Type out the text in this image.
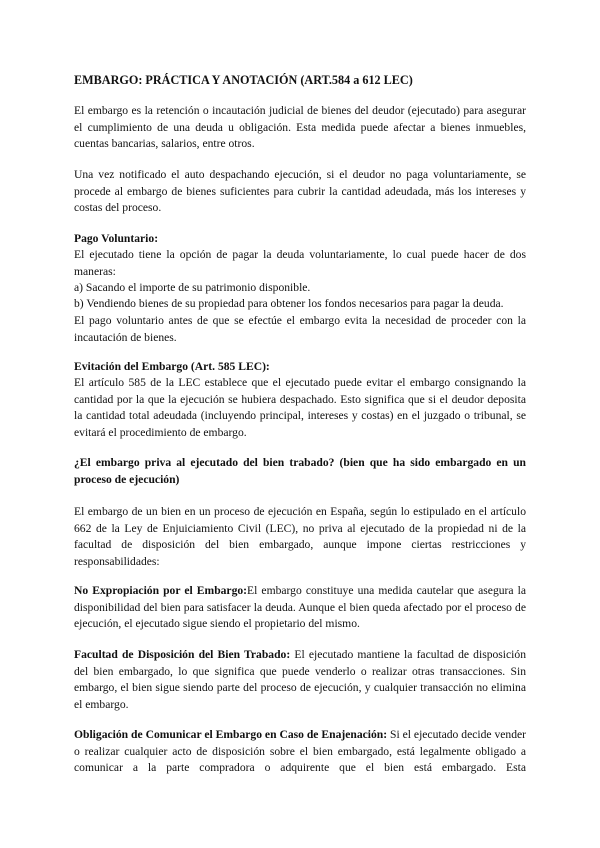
EMBARGO: PRÁCTICA Y ANOTACIÓN (ART.584 a 612 LEC)

El embargo es la retención o incautación judicial de bienes del deudor (ejecutado) para asegurar el cumplimiento de una deuda u obligación. Esta medida puede afectar a bienes inmuebles, cuentas bancarias, salarios, entre otros.

Una vez notificado el auto despachando ejecución, si el deudor no paga voluntariamente, se procede al embargo de bienes suficientes para cubrir la cantidad adeudada, más los intereses y costas del proceso.

Pago Voluntario:

El ejecutado tiene la opción de pagar la deuda voluntariamente, lo cual puede hacer de dos maneras:

a) Sacando el importe de su patrimonio disponible.

b) Vendiendo bienes de su propiedad para obtener los fondos necesarios para pagar la deuda.

El pago voluntario antes de que se efectúe el embargo evita la necesidad de proceder con la incautación de bienes.

Evitación del Embargo (Art. 585 LEC):

El artículo 585 de la LEC establece que el ejecutado puede evitar el embargo consignando la cantidad por la que la ejecución se hubiera despachado. Esto significa que si el deudor deposita la cantidad total adeudada (incluyendo principal, intereses y costas) en el juzgado o tribunal, se evitará el procedimiento de embargo.

¿El embargo priva al ejecutado del bien trabado? (bien que ha sido embargado en un proceso de ejecución)

El embargo de un bien en un proceso de ejecución en España, según lo estipulado en el artículo 662 de la Ley de Enjuiciamiento Civil (LEC), no priva al ejecutado de la propiedad ni de la facultad de disposición del bien embargado, aunque impone ciertas restricciones y responsabilidades:

No Expropiación por el Embargo:El embargo constituye una medida cautelar que asegura la disponibilidad del bien para satisfacer la deuda. Aunque el bien queda afectado por el proceso de ejecución, el ejecutado sigue siendo el propietario del mismo.

Facultad de Disposición del Bien Trabado: El ejecutado mantiene la facultad de disposición del bien embargado, lo que significa que puede venderlo o realizar otras transacciones. Sin embargo, el bien sigue siendo parte del proceso de ejecución, y cualquier transacción no elimina el embargo.

Obligación de Comunicar el Embargo en Caso de Enajenación: Si el ejecutado decide vender o realizar cualquier acto de disposición sobre el bien embargado, está legalmente obligado a comunicar a la parte compradora o adquirente que el bien está embargado. Esta
